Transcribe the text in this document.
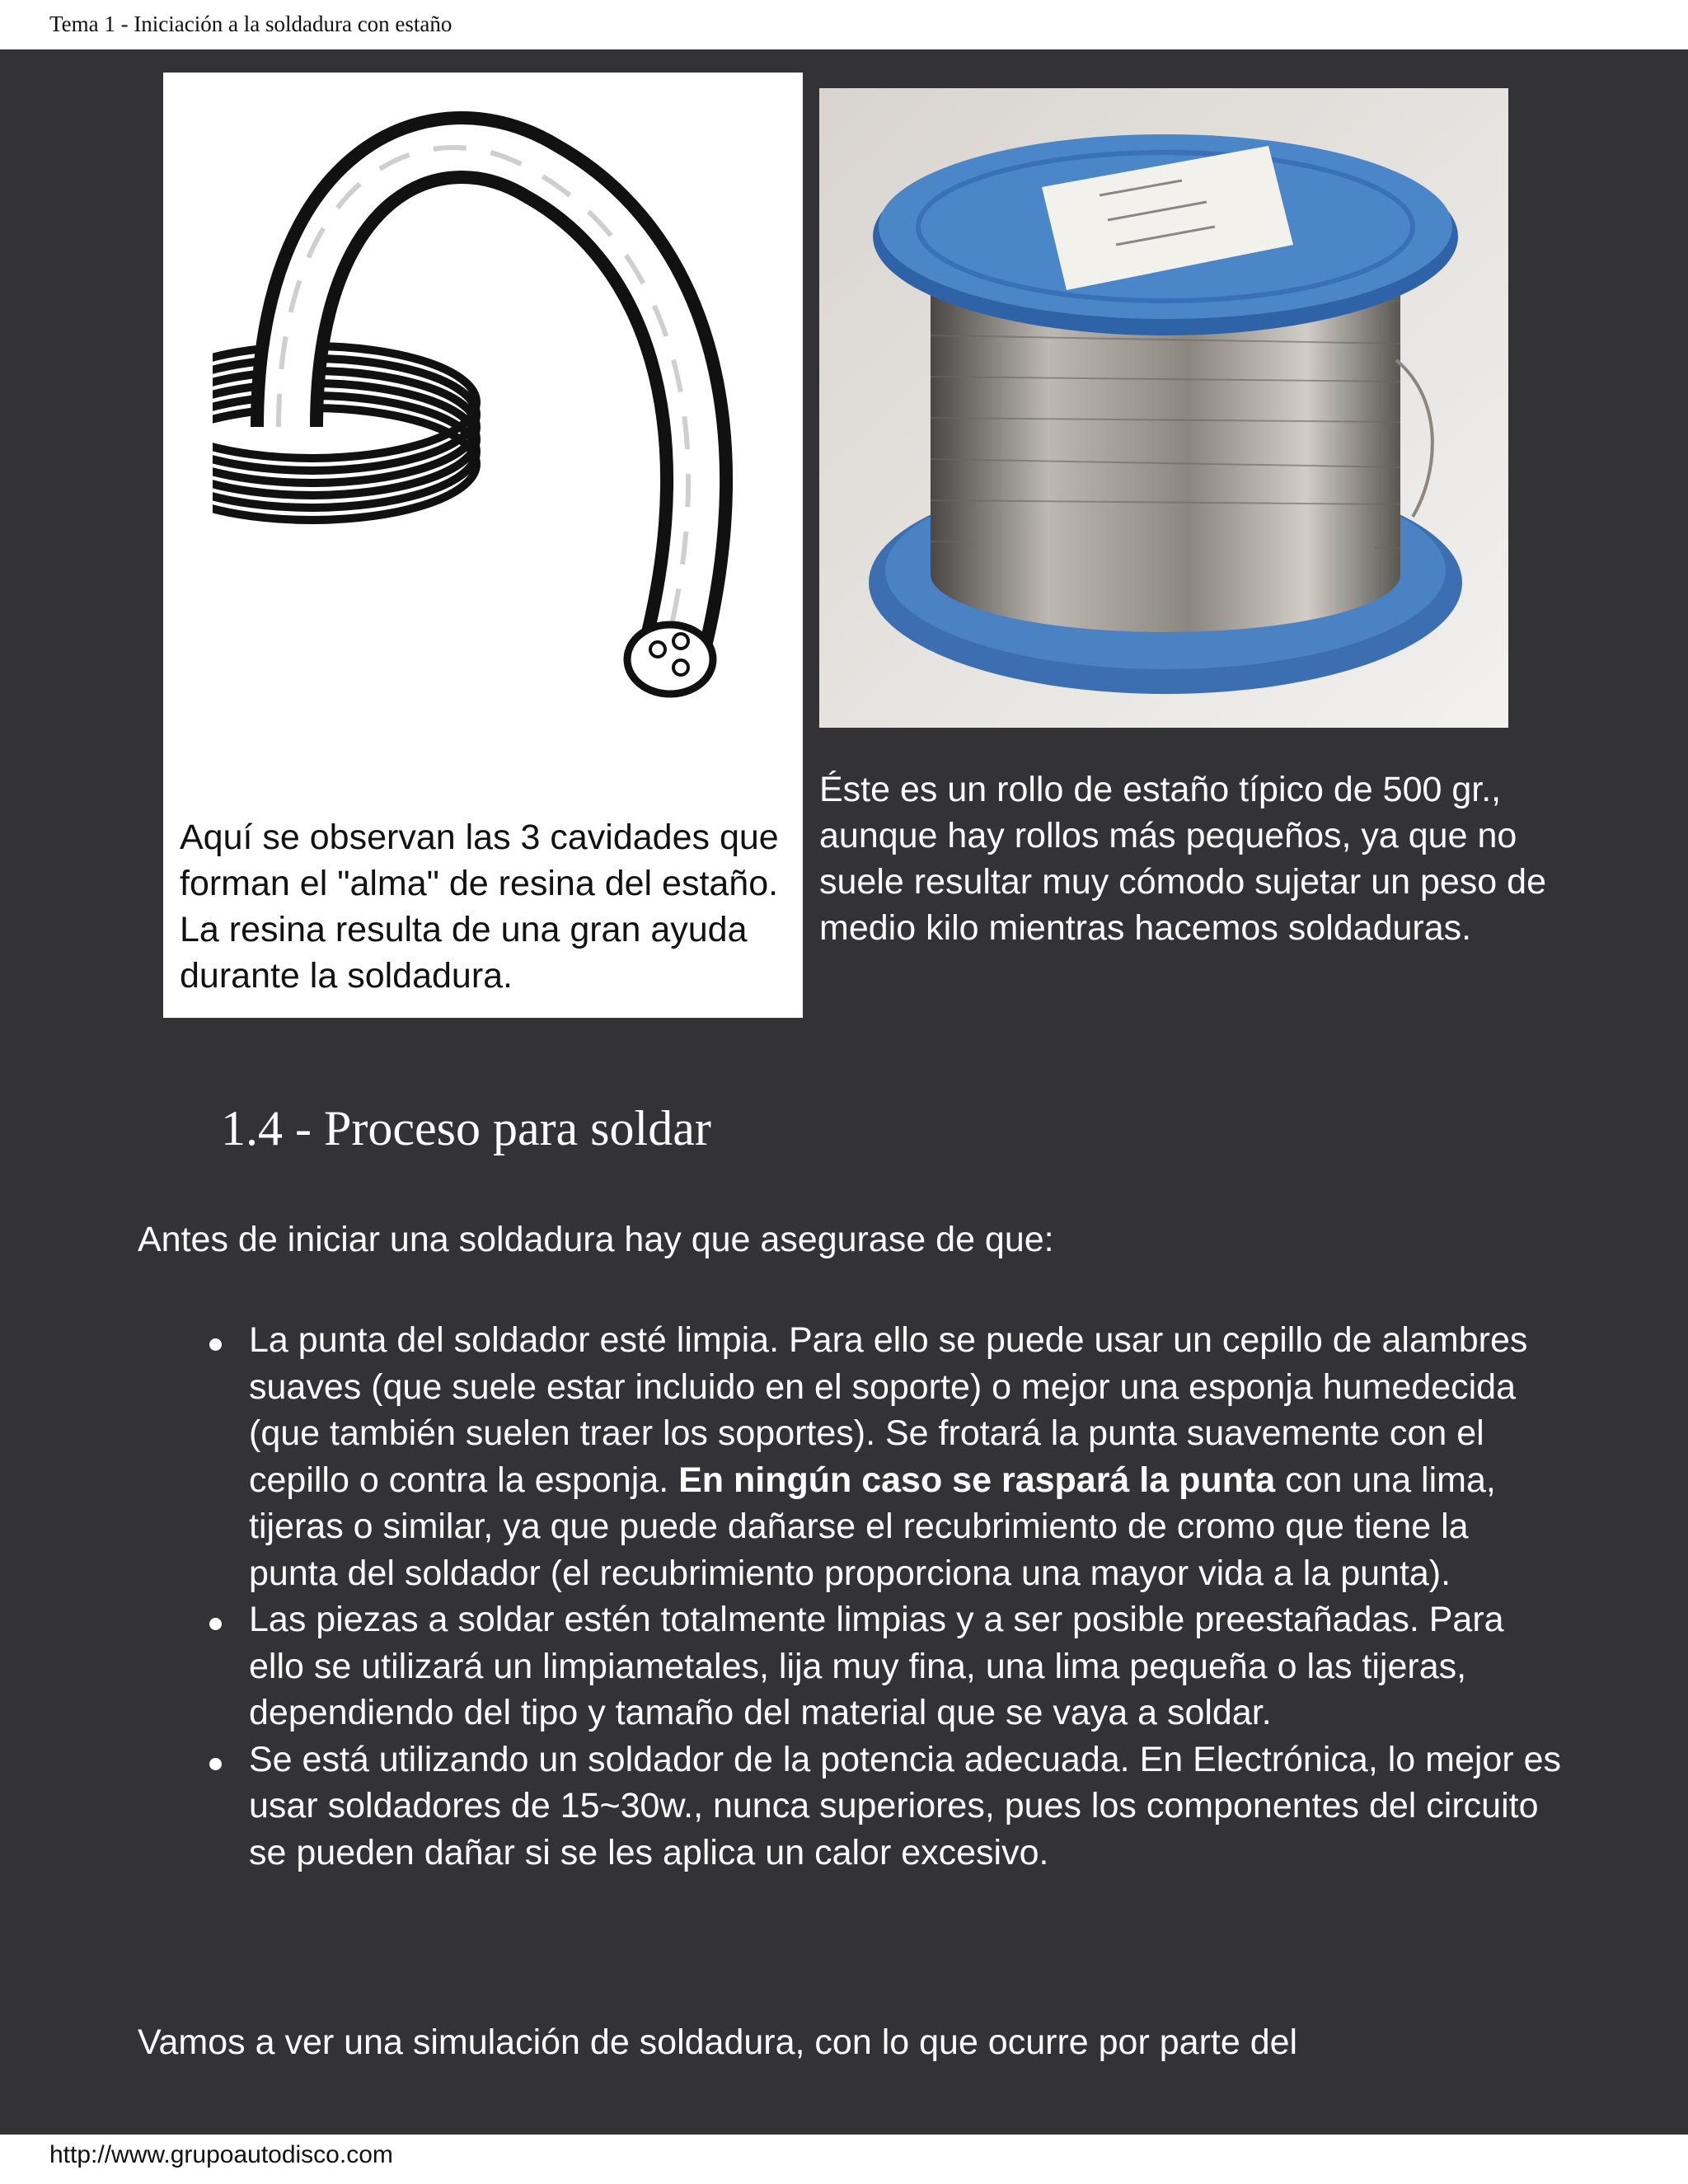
Tema 1 - Iniciación a la soldadura con estaño

Aquí se observan las 3 cavidades que forman el "alma" de resina del estaño. La resina resulta de una gran ayuda durante la soldadura.

Éste es un rollo de estaño típico de 500 gr., aunque hay rollos más pequeños, ya que no suele resultar muy cómodo sujetar un peso de medio kilo mientras hacemos soldaduras.

1.4 - Proceso para soldar

Antes de iniciar una soldadura hay que asegurase de que:

La punta del soldador esté limpia. Para ello se puede usar un cepillo de alambres suaves (que suele estar incluido en el soporte) o mejor una esponja humedecida (que también suelen traer los soportes). Se frotará la punta suavemente con el cepillo o contra la esponja. En ningún caso se raspará la punta con una lima, tijeras o similar, ya que puede dañarse el recubrimiento de cromo que tiene la punta del soldador (el recubrimiento proporciona una mayor vida a la punta).
Las piezas a soldar estén totalmente limpias y a ser posible preestañadas. Para ello se utilizará un limpiametales, lija muy fina, una lima pequeña o las tijeras, dependiendo del tipo y tamaño del material que se vaya a soldar.
Se está utilizando un soldador de la potencia adecuada. En Electrónica, lo mejor es usar soldadores de 15~30w., nunca superiores, pues los componentes del circuito se pueden dañar si se les aplica un calor excesivo.

Vamos a ver una simulación de soldadura, con lo que ocurre por parte del

http://www.grupoautodisco.com
